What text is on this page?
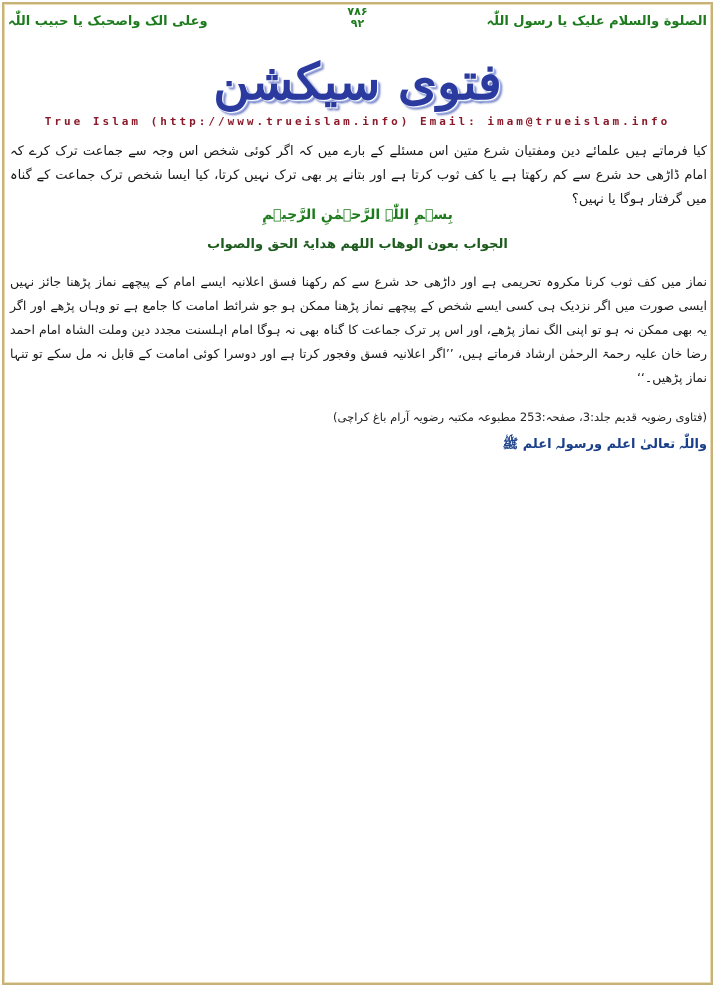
الصلوة والسلام علیک یا رسول اللّٰہ
۷۸۶
۹۲
وعلی الک واصحبک یا حبیب اللّٰہ
فتوی سیکشن
True Islam (http://www.trueislam.info) Email: imam@trueislam.info
کیا فرماتے ہیں علمائے دین ومفتیان شرع متین اس مسئلے کے بارے میں کہ اگر کوئی شخص اس وجہ سے جماعت ترک کرے کہ امام ڈاڑھی حد شرع سے کم رکھتا ہے یا کف ثوب کرتا ہے اور بتانے پر بھی ترک نہیں کرتا، کیا ایسا شخص ترک جماعت کے گناہ میں گرفتار ہوگا یا نہیں؟
بِسۡمِ اللّٰہِ الرَّحۡمٰنِ الرَّحِیۡمِ
الجواب بعون الوھاب اللھم ھدایۃ الحق والصواب
نماز میں کف ثوب کرنا مکروہ تحریمی ہے اور داڑھی حد شرع سے کم رکھنا فسق اعلانیہ ایسے امام کے پیچھے نماز پڑھنا جائز نہیں ایسی صورت میں اگر نزدیک ہی کسی ایسے شخص کے پیچھے نماز پڑھنا ممکن ہو جو شرائط امامت کا جامع ہے تو وہاں پڑھے اور اگر یہ بھی ممکن نہ ہو تو اپنی الگ نماز پڑھے، اور اس پر ترک جماعت کا گناہ بھی نہ ہوگا امام اہلسنت مجدد دین وملت الشاہ امام احمد رضا خان علیہ رحمۃ الرحمٰن ارشاد فرماتے ہیں، ’’اگر اعلانیہ فسق وفجور کرتا ہے اور دوسرا کوئی امامت کے قابل نہ مل سکے تو تنہا نماز پڑھیں۔‘‘
(فتاوی رضویہ قدیم جلد:3، صفحہ:253 مطبوعہ مکتبہ رضویہ آرام باغ کراچی)
واللّٰہ تعالیٰ اعلم ورسولہ اعلم ﷺ
